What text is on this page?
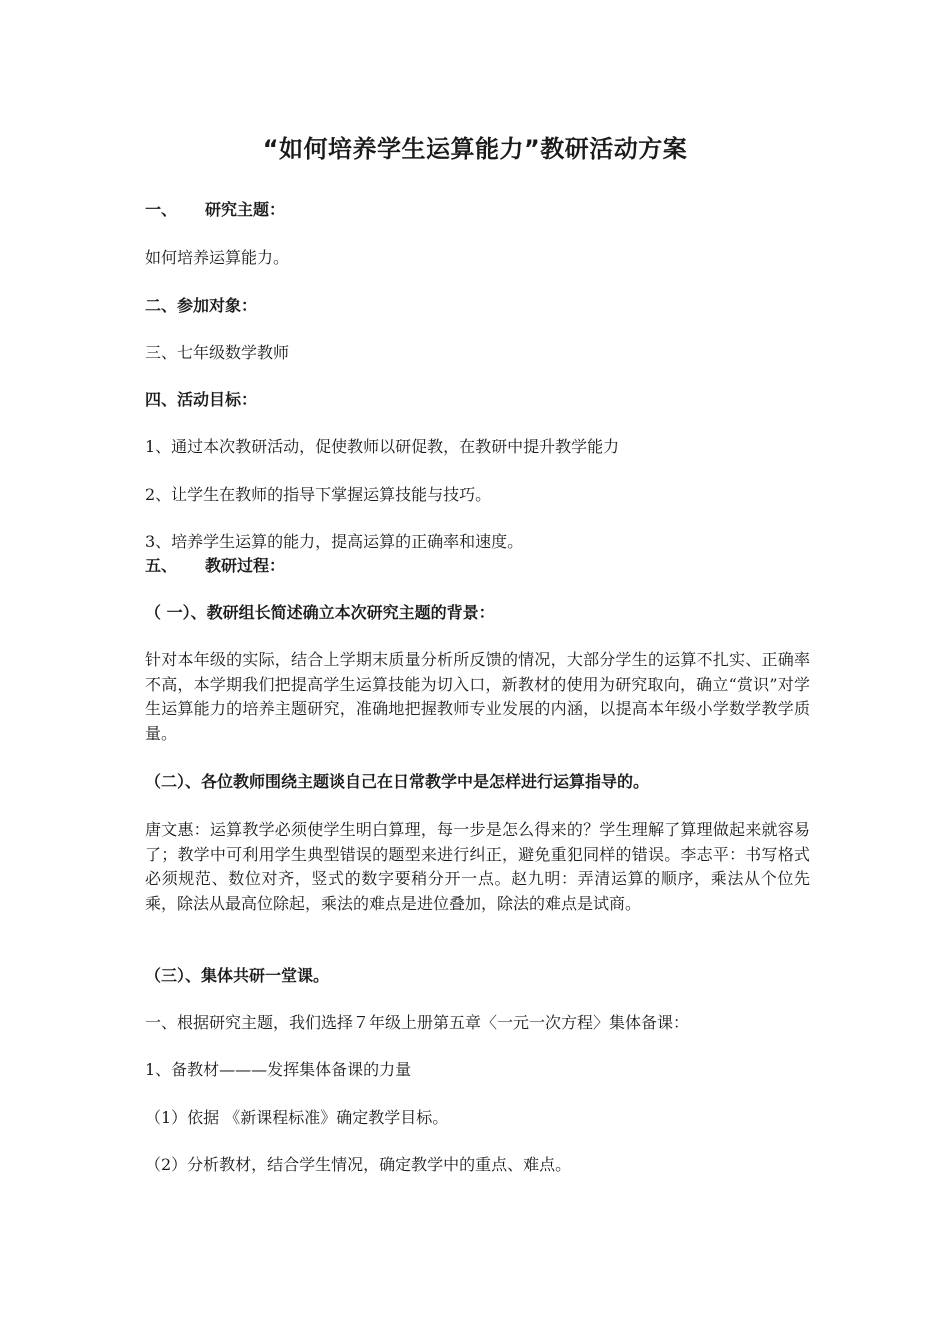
“如何培养学生运算能力”教研活动方案
一、 研究主题：
如何培养运算能力。
二、参加对象：
三、七年级数学教师
四、活动目标：
1、通过本次教研活动，促使教师以研促教，在教研中提升教学能力
2、让学生在教师的指导下掌握运算技能与技巧。
3、培养学生运算的能力，提高运算的正确率和速度。
五、 教研过程：
（ 一）、教研组长简述确立本次研究主题的背景：
针对本年级的实际，结合上学期末质量分析所反馈的情况，大部分学生的运算不扎实、正确率不高，本学期我们把提高学生运算技能为切入口，新教材的使用为研究取向，确立“赏识”对学生运算能力的培养主题研究，准确地把握教师专业发展的内涵，以提高本年级小学数学教学质量。
（二）、各位教师围绕主题谈自己在日常教学中是怎样进行运算指导的。
唐文惠：运算教学必须使学生明白算理，每一步是怎么得来的？学生理解了算理做起来就容易了；教学中可利用学生典型错误的题型来进行纠正，避免重犯同样的错误。李志平：书写格式必须规范、数位对齐，竖式的数字要稍分开一点。赵九明：弄清运算的顺序，乘法从个位先乘，除法从最高位除起，乘法的难点是进位叠加，除法的难点是试商。
（三）、集体共研一堂课。
一、根据研究主题，我们选择７年级上册第五章〈一元一次方程〉集体备课：
1、备教材———发挥集体备课的力量
（1）依据 《新课程标准》确定教学目标。
（2）分析教材，结合学生情况，确定教学中的重点、难点。
